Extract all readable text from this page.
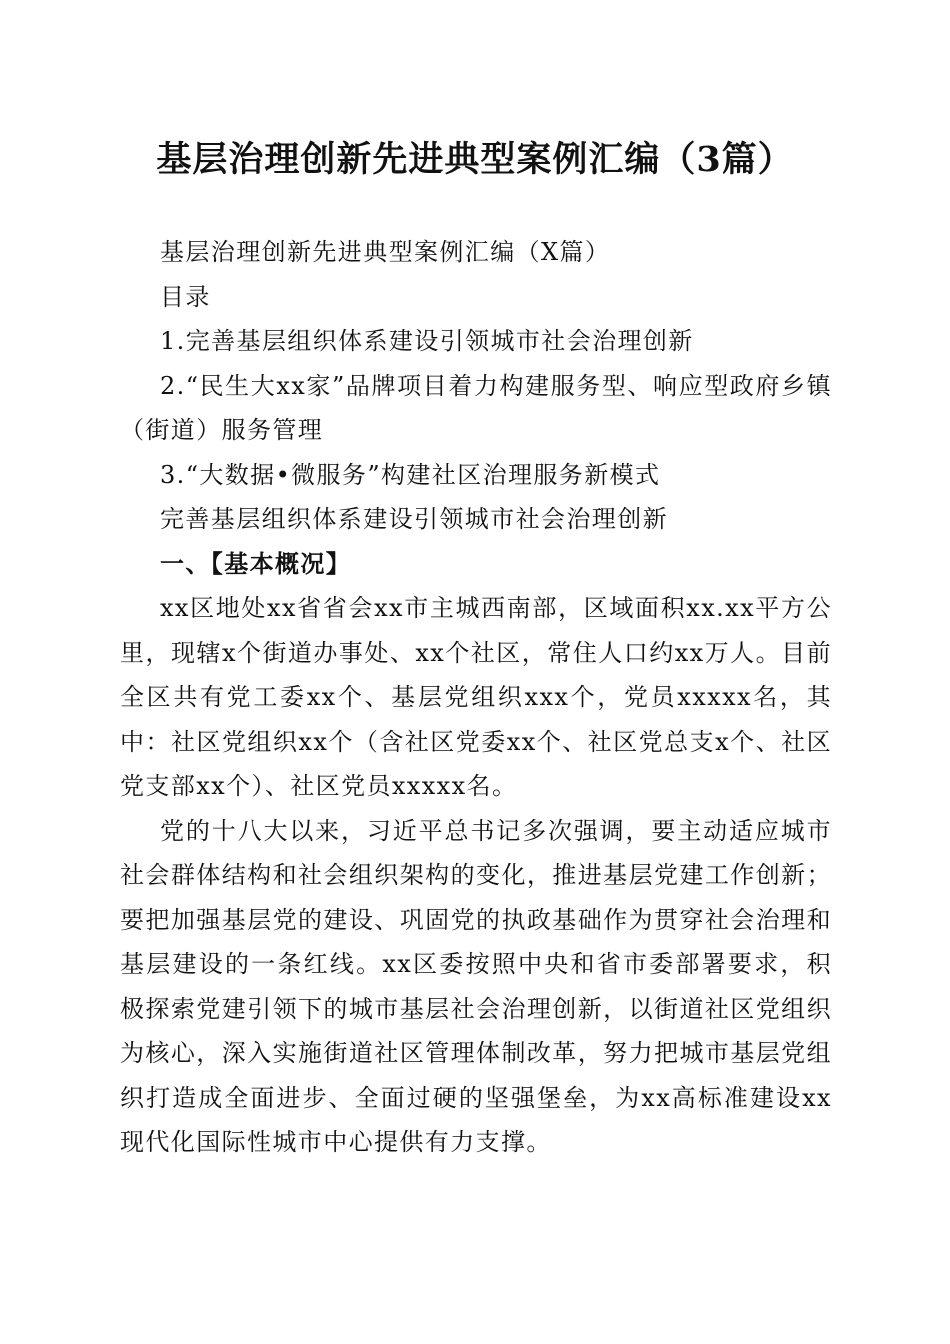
基层治理创新先进典型案例汇编（3篇）

基层治理创新先进典型案例汇编（X篇）

目录

1.完善基层组织体系建设引领城市社会治理创新

2.“民生大xx家”品牌项目着力构建服务型、响应型政府乡镇（街道）服务管理

3.“大数据•微服务”构建社区治理服务新模式

完善基层组织体系建设引领城市社会治理创新

一、【基本概况】

xx区地处xx省省会xx市主城西南部，区域面积xx.xx平方公里，现辖x个街道办事处、xx个社区，常住人口约xx万人。目前全区共有党工委xx个、基层党组织xxx个，党员xxxxx名，其中：社区党组织xx个（含社区党委xx个、社区党总支x个、社区党支部xx个）、社区党员xxxxx名。

党的十八大以来，习近平总书记多次强调，要主动适应城市社会群体结构和社会组织架构的变化，推进基层党建工作创新；要把加强基层党的建设、巩固党的执政基础作为贯穿社会治理和基层建设的一条红线。xx区委按照中央和省市委部署要求，积极探索党建引领下的城市基层社会治理创新，以街道社区党组织为核心，深入实施街道社区管理体制改革，努力把城市基层党组织打造成全面进步、全面过硬的坚强堡垒，为xx高标准建设xx现代化国际性城市中心提供有力支撑。
